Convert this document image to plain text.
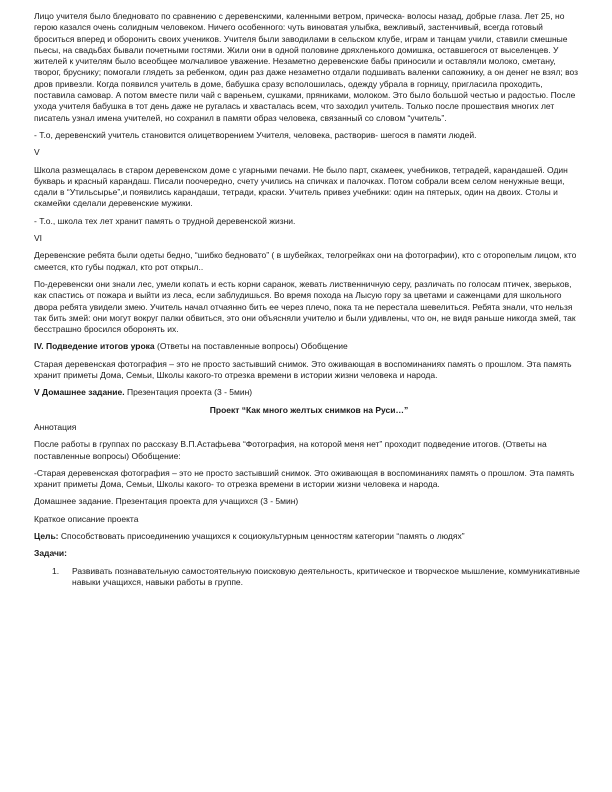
Лицо учителя было бледновато по сравнению с деревенскими, каленными ветром, прическа- волосы назад, добрые глаза. Лет 25, но герою казался очень солидным человеком. Ничего особенного: чуть виноватая улыбка, вежливый, застенчивый, всегда готовый броситься вперед и оборонить своих учеников. Учителя были заводилами в сельском клубе, играм и танцам учили, ставили смешные пьесы, на свадьбах бывали почетными гостями. Жили они в одной половине дряхленького домишка, оставшегося от выселенцев. У жителей к учителям было всеобщее молчаливое уважение. Незаметно деревенские бабы приносили и оставляли молоко, сметану, творог, бруснику; помогали глядеть за ребенком, один раз даже незаметно отдали подшивать валенки сапожнику, а он денег не взял; воз дров привезли. Когда появился учитель в доме, бабушка сразу всполошилась, одежду убрала в горницу, пригласила проходить, поставила самовар. А потом вместе пили чай с вареньем, сушками, пряниками, молоком. Это было большой честью и радостью. После ухода учителя бабушка в тот день даже не ругалась и хвасталась всем, что заходил учитель. Только после прошествия многих лет писатель узнал имена учителей, но сохранил в памяти образ человека, связанный со словом “учитель”.

- Т.о, деревенский учитель становится олицетворением Учителя, человека, растворив- шегося в памяти людей.

V

Школа размещалась в старом деревенском доме с угарными печами. Не было парт, скамеек, учебников, тетрадей, карандашей. Один букварь и красный карандаш. Писали поочередно, счету учились на спичках и палочках. Потом собрали всем селом ненужные вещи, сдали в “Утильсырье”,и появились карандаши, тетради, краски. Учитель привез учебники: один на пятерых, один на двоих. Столы и скамейки сделали деревенские мужики.

- Т.о., школа тех лет хранит память о трудной деревенской жизни.

VI

Деревенские ребята были одеты бедно, “шибко бедновато” ( в шубейках, телогрейках они на фотографии), кто с оторопелым лицом, кто смеется, кто губы поджал, кто рот открыл..

По-деревенски они знали лес, умели копать и есть корни саранок, жевать лиственничную серу, различать по голосам птичек, зверьков, как спастись от пожара и выйти из леса, если заблудишься. Во время похода на Лысую гору за цветами и саженцами для школьного двора ребята увидели змею. Учитель начал отчаянно бить ее через плечо, пока та не перестала шевелиться. Ребята знали, что нельзя так бить змей: они могут вокруг палки обвиться, это они объясняли учителю и были удивлены, что он, не видя раньше никогда змей, так бесстрашно бросился оборонять их.

IV. Подведение итогов урока (Ответы на поставленные вопросы) Обобщение

Старая деревенская фотография – это не просто застывший снимок. Это оживающая в воспоминаниях память о прошлом. Эта память хранит приметы Дома, Семьи, Школы какого-то отрезка времени в истории жизни человека и народа.

V Домашнее задание. Презентация проекта (3 - 5мин)

Проект “Как много желтых снимков на Руси…”

Аннотация

После работы в группах по рассказу В.П.Астафьева “Фотография, на которой меня нет” проходит подведение итогов. (Ответы на поставленные вопросы) Обобщение:

-Старая деревенская фотография – это не просто застывший снимок. Это оживающая в воспоминаниях память о прошлом. Эта память хранит приметы Дома, Семьи, Школы какого- то отрезка времени в истории жизни человека и народа.

Домашнее задание. Презентация проекта для учащихся (3 - 5мин)

Краткое описание проекта

Цель: Способствовать присоединению учащихся к социокультурным ценностям категории “память о людях”

Задачи:

1. Развивать познавательную самостоятельную поисковую деятельность, критическое и творческое мышление, коммуникативные навыки учащихся, навыки работы в группе.
